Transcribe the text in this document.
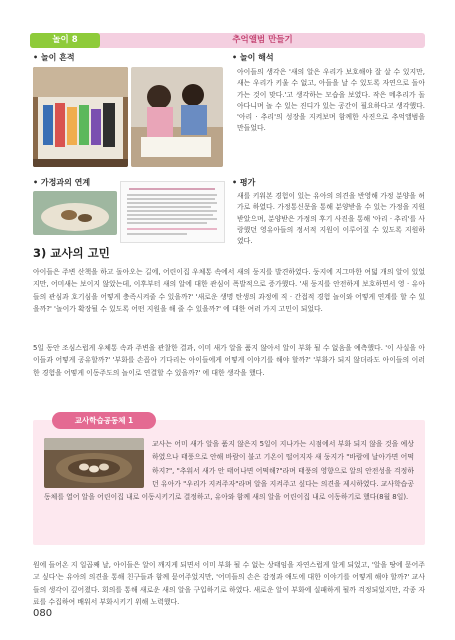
놀이 8	추억앨범 만들기
• 놀이 흔적	• 놀이 해석
아이들의 생각은 '새의 알은 우리가 보호해야 잘 살 수 있지만, 새는 우리가 키울 수 없고, 아들을 날 수 있도록 자연으로 돌아가는 것이 맞다.'고 생각하는 모습을 보였다. 작은 메추리가 돌아다니며 놀 수 있는 진디가 있는 공간이 필요하다고 생각했다. '아리 · 추리'의 성장을 지켜보며 함께한 사진으로 추억앨범을 만들었다.
• 가정과의 연계	• 평가
새를 키워본 경험이 있는 유아의 의견을 반영해 가정 분양을 허가로 하였다. 가정통신문을 통해 분양받을 수 있는 가정을 지원받았으며, 분양받은 가정의 후기 사진을 통해 '아리 · 추리'를 사랑했던 영유아들의 정서적 지원이 이루어질 수 있도록 지원하였다.
3) 교사의 고민
아이들은 주변 산책을 하고 돌아오는 길에, 어린이집 우체통 속에서 새의 둥지를 발견하였다. 둥지에 지그마한 여덟 개의 알이 있었지만, 어미새는 보이지 않았는데, 이후부터 새의 알에 대한 관심이 폭발적으로 증가했다. '새 둥지를 안전하게 보호하면서 영 · 유아들의 관심과 호기심을 어떻게 충족시켜줄 수 있을까?' '새로운 생명 탄생의 과정에 직 · 간접적 경험 놀이와 어떻게 연계를 할 수 있을까?' '놀이가 확장될 수 있도록 어떤 지원을 해 줄 수 있을까?' 에 대한 여러 가지 고민이 되었다.
5일 동안 조심스럽게 우체통 속과 주변을 관찰한 결과, 이미 새가 알을 품지 않아서 알이 부화 될 수 없음을 예측했다. '이 사실을 아이들과 어떻게 공유할까?' '부화를 손꼽아 기다리는 아이들에게 어떻게 이야기를 해야 할까?' '부화가 되지 않더라도 아이들의 이러한 경험을 어떻게 이동주도의 놀이로 연결할 수 있을까?' 에 대한 생각을 했다.
교사학습공동체 1
교사는 어미 새가 알을 품지 않은지 5일이 지나가는 시점에서 부화 되지 않을 것을 예상하였으나 태풍으로 안해 바람이 불고 기온이 떨어지자 새 둥지가 "바람에 날아가면 어떡하지?", "추워서 새가 안 태어나면 어떡해?"라며 태풍의 영향으로 알의 안전성을 걱정하던 유아가 "우리가 지켜주자"라며 알을 지켜주고 싶다는 의견을 제시하였다. 교사학습공동체를 열어 알을 어린이집 내로 이동시키기로 결정하고, 유아와 함께 새의 알을 어린이집 내로 이동하기로 했다(8월 8일).
원에 들어온 지 일곱째 날, 아이들은 알이 깨지게 되면서 이미 부화 될 수 없는 상태임을 자연스럽게 알게 되었고, '알을 땅에 묻어주고 싶다'는 유아의 의견을 통해 친구들과 함께 묻어주었지만, '어미들의 손은 감정과 애도에 대한 이야기를 어떻게 해야 할까?' 교사들의 생각이 깊어졌다. 회의를 통해 새로운 새의 알을 구입하기로 하였다. 새로운 알이 부화에 실패하게 될까 걱정되었지만, 각종 자료를 수집하여 배워서 부화시키기 위해 노력했다.
080
